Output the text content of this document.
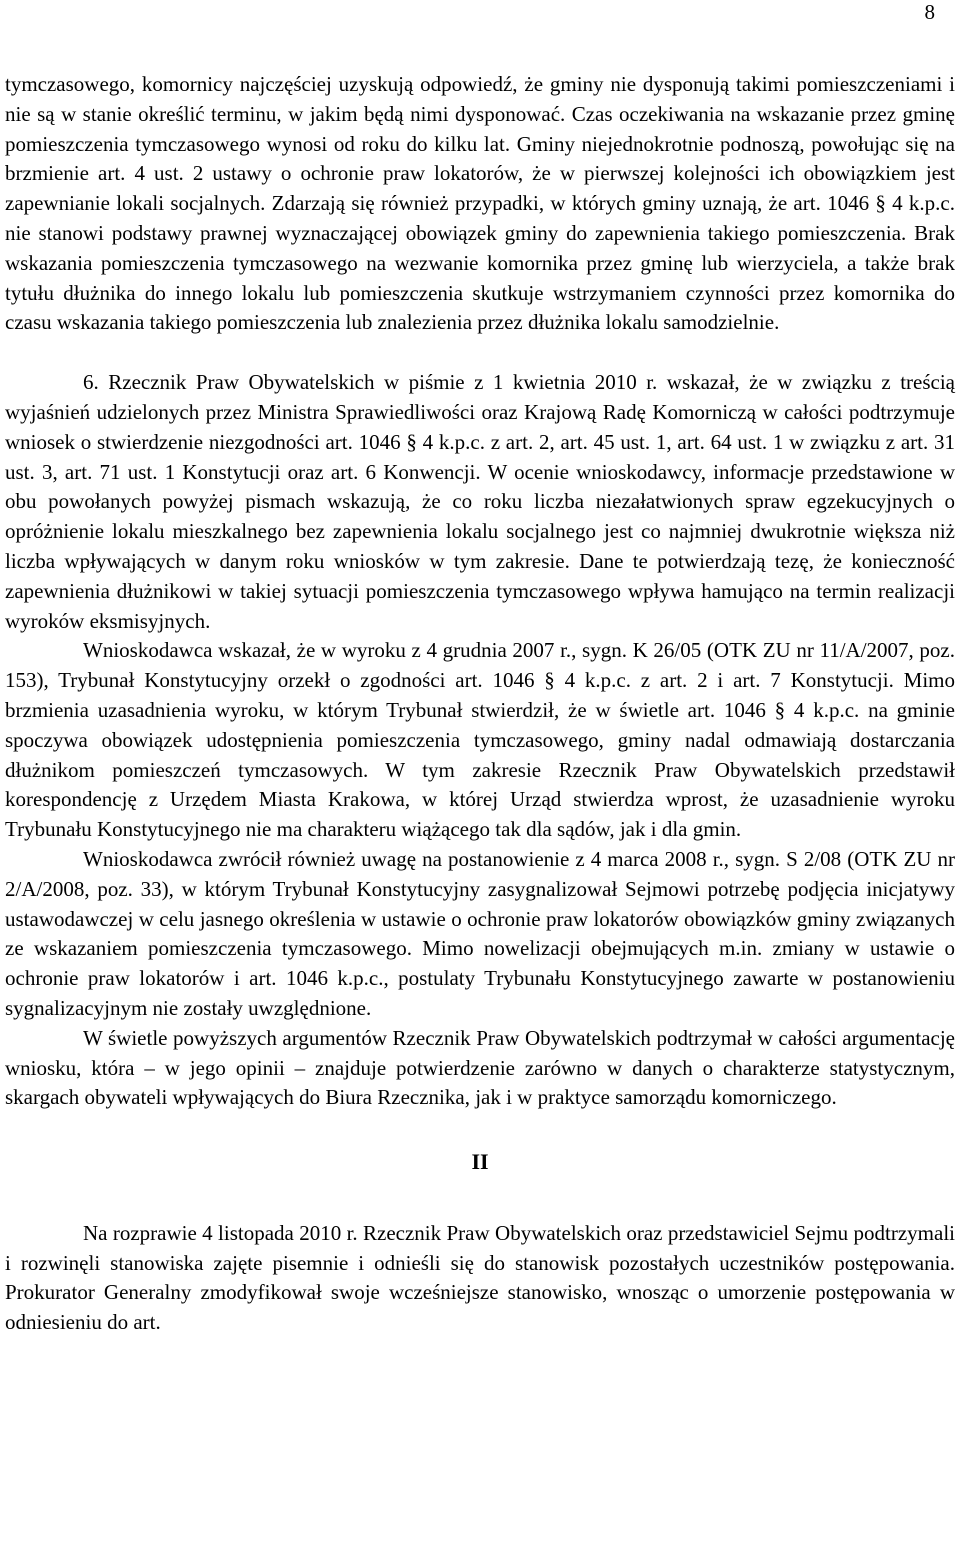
8

tymczasowego, komornicy najczęściej uzyskują odpowiedź, że gminy nie dysponują takimi pomieszczeniami i nie są w stanie określić terminu, w jakim będą nimi dysponować. Czas oczekiwania na wskazanie przez gminę pomieszczenia tymczasowego wynosi od roku do kilku lat. Gminy niejednokrotnie podnoszą, powołując się na brzmienie art. 4 ust. 2 ustawy o ochronie praw lokatorów, że w pierwszej kolejności ich obowiązkiem jest zapewnianie lokali socjalnych. Zdarzają się również przypadki, w których gminy uznają, że art. 1046 § 4 k.p.c. nie stanowi podstawy prawnej wyznaczającej obowiązek gminy do zapewnienia takiego pomieszczenia. Brak wskazania pomieszczenia tymczasowego na wezwanie komornika przez gminę lub wierzyciela, a także brak tytułu dłużnika do innego lokalu lub pomieszczenia skutkuje wstrzymaniem czynności przez komornika do czasu wskazania takiego pomieszczenia lub znalezienia przez dłużnika lokalu samodzielnie.

6. Rzecznik Praw Obywatelskich w piśmie z 1 kwietnia 2010 r. wskazał, że w związku z treścią wyjaśnień udzielonych przez Ministra Sprawiedliwości oraz Krajową Radę Komorniczą w całości podtrzymuje wniosek o stwierdzenie niezgodności art. 1046 § 4 k.p.c. z art. 2, art. 45 ust. 1, art. 64 ust. 1 w związku z art. 31 ust. 3, art. 71 ust. 1 Konstytucji oraz art. 6 Konwencji. W ocenie wnioskodawcy, informacje przedstawione w obu powołanych powyżej pismach wskazują, że co roku liczba niezałatwionych spraw egzekucyjnych o opróżnienie lokalu mieszkalnego bez zapewnienia lokalu socjalnego jest co najmniej dwukrotnie większa niż liczba wpływających w danym roku wniosków w tym zakresie. Dane te potwierdzają tezę, że konieczność zapewnienia dłużnikowi w takiej sytuacji pomieszczenia tymczasowego wpływa hamująco na termin realizacji wyroków eksmisyjnych.

Wnioskodawca wskazał, że w wyroku z 4 grudnia 2007 r., sygn. K 26/05 (OTK ZU nr 11/A/2007, poz. 153), Trybunał Konstytucyjny orzekł o zgodności art. 1046 § 4 k.p.c. z art. 2 i art. 7 Konstytucji. Mimo brzmienia uzasadnienia wyroku, w którym Trybunał stwierdził, że w świetle art. 1046 § 4 k.p.c. na gminie spoczywa obowiązek udostępnienia pomieszczenia tymczasowego, gminy nadal odmawiają dostarczania dłużnikom pomieszczeń tymczasowych. W tym zakresie Rzecznik Praw Obywatelskich przedstawił korespondencję z Urzędem Miasta Krakowa, w której Urząd stwierdza wprost, że uzasadnienie wyroku Trybunału Konstytucyjnego nie ma charakteru wiążącego tak dla sądów, jak i dla gmin.

Wnioskodawca zwrócił również uwagę na postanowienie z 4 marca 2008 r., sygn. S 2/08 (OTK ZU nr 2/A/2008, poz. 33), w którym Trybunał Konstytucyjny zasygnalizował Sejmowi potrzebę podjęcia inicjatywy ustawodawczej w celu jasnego określenia w ustawie o ochronie praw lokatorów obowiązków gminy związanych ze wskazaniem pomieszczenia tymczasowego. Mimo nowelizacji obejmujących m.in. zmiany w ustawie o ochronie praw lokatorów i art. 1046 k.p.c., postulaty Trybunału Konstytucyjnego zawarte w postanowieniu sygnalizacyjnym nie zostały uwzględnione.

W świetle powyższych argumentów Rzecznik Praw Obywatelskich podtrzymał w całości argumentację wniosku, która – w jego opinii – znajduje potwierdzenie zarówno w danych o charakterze statystycznym, skargach obywateli wpływających do Biura Rzecznika, jak i w praktyce samorządu komorniczego.

II

Na rozprawie 4 listopada 2010 r. Rzecznik Praw Obywatelskich oraz przedstawiciel Sejmu podtrzymali i rozwinęli stanowiska zajęte pisemnie i odnieśli się do stanowisk pozostałych uczestników postępowania. Prokurator Generalny zmodyfikował swoje wcześniejsze stanowisko, wnosząc o umorzenie postępowania w odniesieniu do art.
